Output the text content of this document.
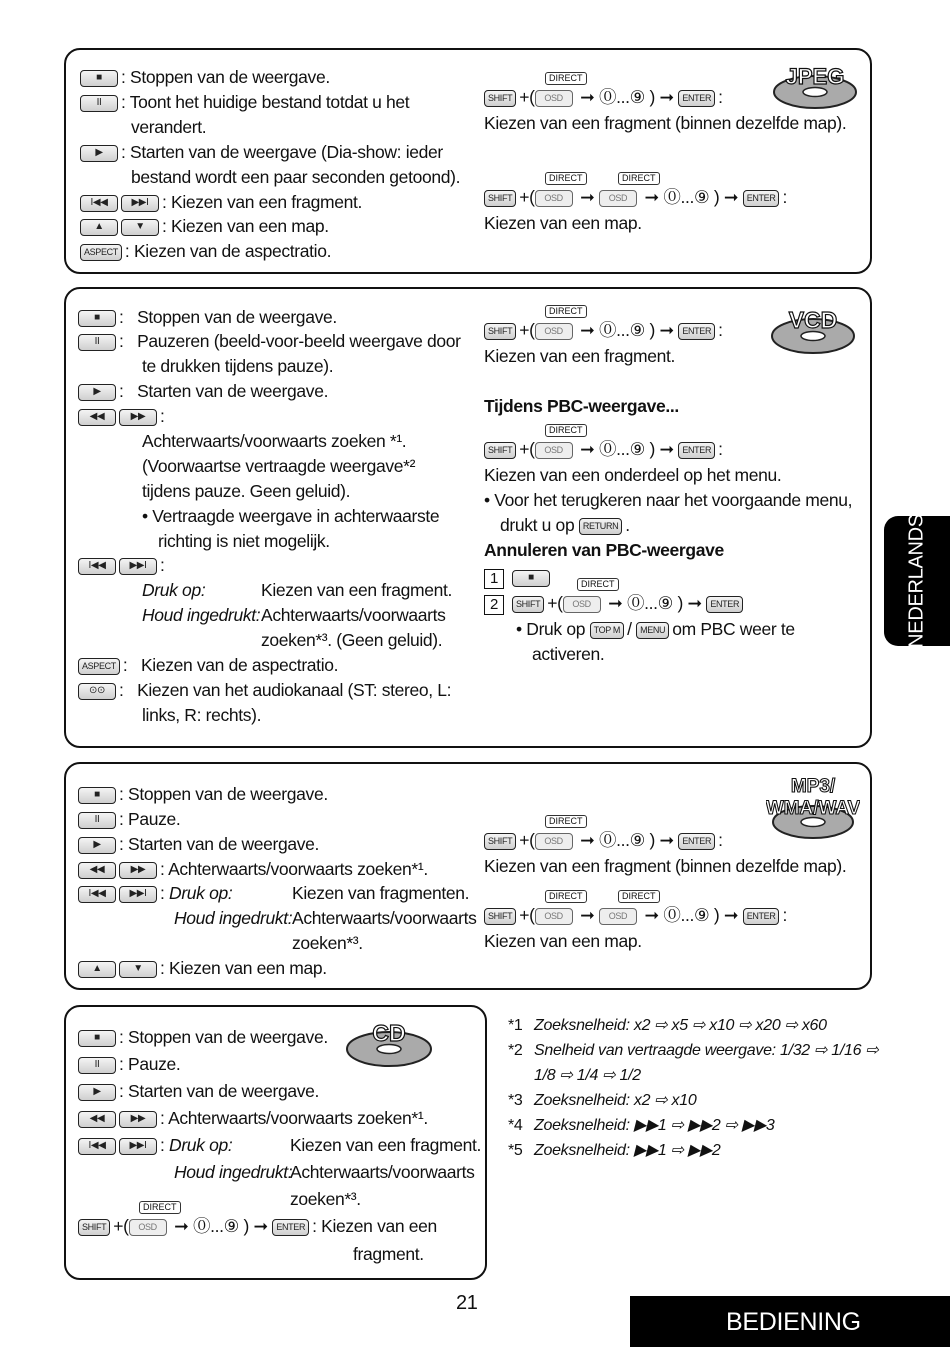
■ : Stoppen van de weergave.
II : Toont het huidige bestand totdat u het
verandert.
▶ : Starten van de weergave (Dia-show: ieder
bestand wordt een paar seconden getoond).
I◀◀ ▶▶I : Kiezen van een fragment.
▲	▼ : Kiezen van een map.
ASPECT : Kiezen van de aspectratio.
DIRECT
SHIFT +( OSD ➞ ⓪...⑨ ) ➞ ENTER :
Kiezen van een fragment (binnen dezelfde map).
DIRECT	DIRECT
SHIFT +( OSD ➞ OSD ➞ ⓪...⑨ ) ➞ ENTER :
Kiezen van een map.
JPEG
■ :   Stoppen van de weergave.
II :   Pauzeren (beeld-voor-beeld weergave door
te drukken tijdens pauze).
▶ :   Starten van de weergave.
◀◀	▶▶ :
Achterwaarts/voorwaarts zoeken *¹.
(Voorwaartse vertraagde weergave*²
tijdens pauze. Geen geluid).
• Vertraagde weergave in achterwaarste
richting is niet mogelijk.
I◀◀ ▶▶I :
Druk op:	Kiezen van een fragment.
Houd ingedrukt: Achterwaarts/voorwaarts
zoeken*³. (Geen geluid).
ASPECT :   Kiezen van de aspectratio.
⊙⊙ :   Kiezen van het audiokanaal (ST: stereo, L:
links, R: rechts).
DIRECT
SHIFT +( OSD ➞ ⓪...⑨ ) ➞ ENTER :
Kiezen van een fragment.
VCD
Tijdens PBC-weergave...
DIRECT
SHIFT +( OSD ➞ ⓪...⑨ ) ➞ ENTER :
Kiezen van een onderdeel op het menu.
• Voor het terugkeren naar het voorgaande menu,
drukt u op RETURN .
Annuleren van PBC-weergave
1	■
DIRECT
2 SHIFT +( OSD ➞ ⓪...⑨ ) ➞ ENTER
• Druk op TOP M / MENU om PBC weer te
activeren.
■ : Stoppen van de weergave.
II : Pauze.
▶ : Starten van de weergave.
◀◀	▶▶ : Achterwaarts/voorwaarts zoeken*¹.
I◀◀ ▶▶I : Druk op:	Kiezen van fragmenten.
Houd ingedrukt: Achterwaarts/voorwaarts
zoeken*³.
▲	▼ : Kiezen van een map.
MP3/
WMA/WAV
DIRECT
SHIFT +( OSD ➞ ⓪...⑨ ) ➞ ENTER :
Kiezen van een fragment (binnen dezelfde map).
DIRECT	DIRECT
SHIFT +( OSD ➞ OSD ➞ ⓪...⑨ ) ➞ ENTER :
Kiezen van een map.
■ : Stoppen van de weergave.
II : Pauze.
▶ : Starten van de weergave.
◀◀	▶▶ : Achterwaarts/voorwaarts zoeken*¹.
I◀◀ ▶▶I : Druk op:	Kiezen van een fragment.
Houd ingedrukt:
Achterwaarts/voorwaarts
zoeken*³.
DIRECT
SHIFT +( OSD ➞ ⓪...⑨ ) ➞ ENTER : Kiezen van een
fragment.
CD	*1 Zoeksnelheid: x2 ⇨ x5 ⇨ x10 ⇨ x20 ⇨ x60
*2 Snelheid van vertraagde weergave: 1/32 ⇨ 1/16 ⇨
1/8 ⇨ 1/4 ⇨ 1/2
*3 Zoeksnelheid: x2 ⇨ x10
*4 Zoeksnelheid: ▶▶1 ⇨ ▶▶2 ⇨ ▶▶3
*5 Zoeksnelheid: ▶▶1 ⇨ ▶▶2
NEDERLANDS
21
BEDIENING
